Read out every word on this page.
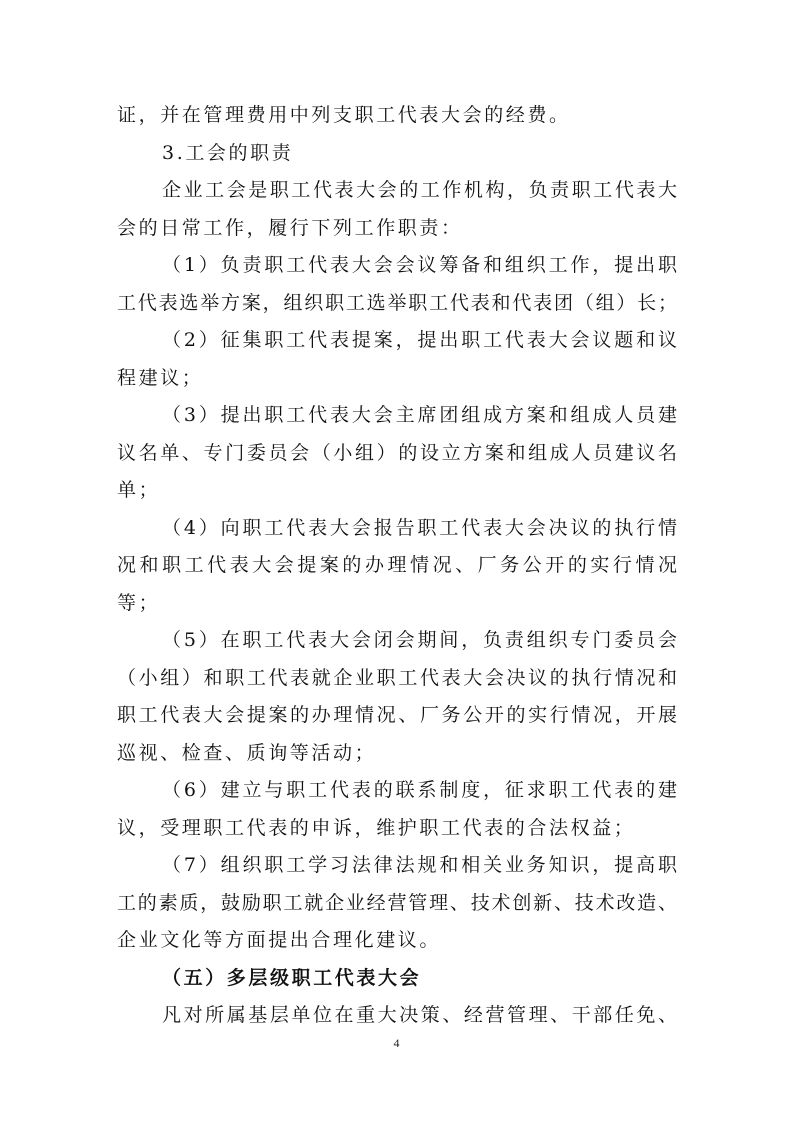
证，并在管理费用中列支职工代表大会的经费。
3.工会的职责
企业工会是职工代表大会的工作机构，负责职工代表大
会的日常工作，履行下列工作职责：
（1）负责职工代表大会会议筹备和组织工作，提出职
工代表选举方案，组织职工选举职工代表和代表团（组）长；
（2）征集职工代表提案，提出职工代表大会议题和议
程建议；
（3）提出职工代表大会主席团组成方案和组成人员建
议名单、专门委员会（小组）的设立方案和组成人员建议名
单；
（4）向职工代表大会报告职工代表大会决议的执行情
况和职工代表大会提案的办理情况、厂务公开的实行情况
等；
（5）在职工代表大会闭会期间，负责组织专门委员会
（小组）和职工代表就企业职工代表大会决议的执行情况和
职工代表大会提案的办理情况、厂务公开的实行情况，开展
巡视、检查、质询等活动；
（6）建立与职工代表的联系制度，征求职工代表的建
议，受理职工代表的申诉，维护职工代表的合法权益；
（7）组织职工学习法律法规和相关业务知识，提高职
工的素质，鼓励职工就企业经营管理、技术创新、技术改造、
企业文化等方面提出合理化建议。
（五）多层级职工代表大会
凡对所属基层单位在重大决策、经营管理、干部任免、
4
